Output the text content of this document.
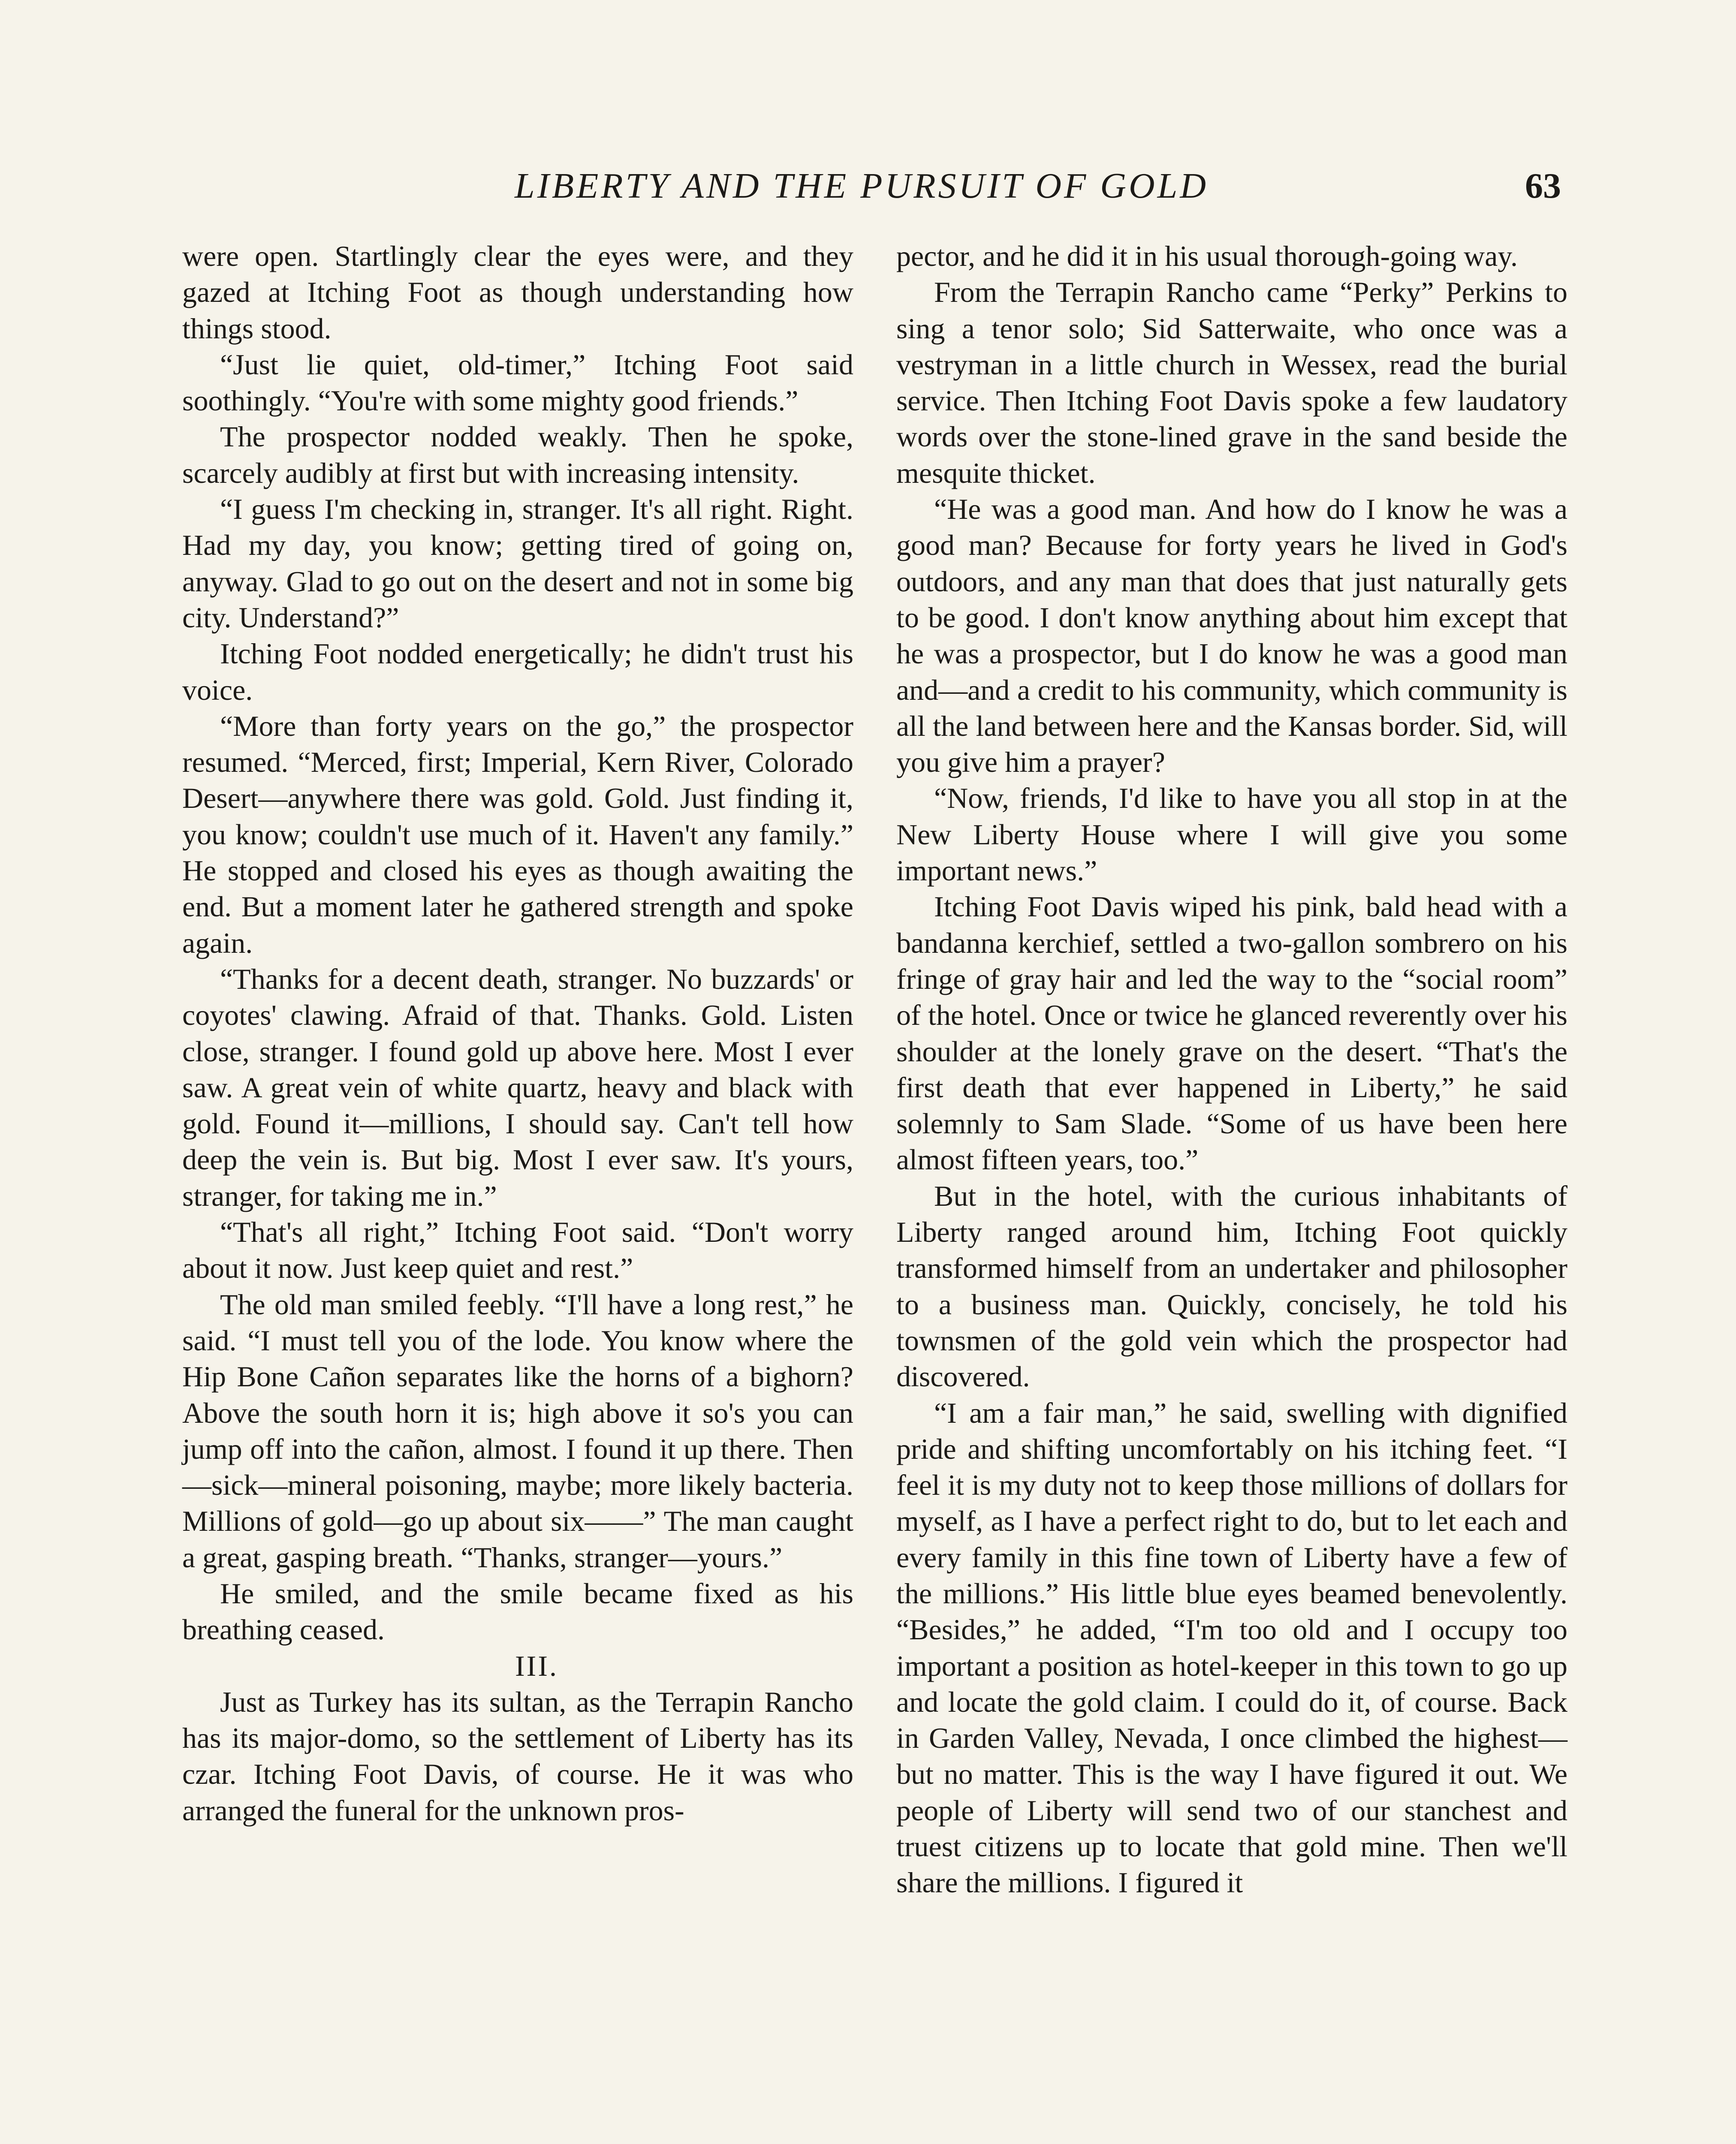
LIBERTY AND THE PURSUIT OF GOLD	63

were open. Startlingly clear the eyes were, and they gazed at Itching Foot as though understanding how things stood.

“Just lie quiet, old-timer,” Itching Foot said soothingly. “You're with some mighty good friends.”

The prospector nodded weakly. Then he spoke, scarcely audibly at first but with increasing intensity.

“I guess I'm checking in, stranger. It's all right. Right. Had my day, you know; getting tired of going on, anyway. Glad to go out on the desert and not in some big city. Understand?”

Itching Foot nodded energetically; he didn't trust his voice.

“More than forty years on the go,” the prospector resumed. “Merced, first; Imperial, Kern River, Colorado Desert—anywhere there was gold. Gold. Just finding it, you know; couldn't use much of it. Haven't any family.” He stopped and closed his eyes as though awaiting the end. But a moment later he gathered strength and spoke again.

“Thanks for a decent death, stranger. No buzzards' or coyotes' clawing. Afraid of that. Thanks. Gold. Listen close, stranger. I found gold up above here. Most I ever saw. A great vein of white quartz, heavy and black with gold. Found it—millions, I should say. Can't tell how deep the vein is. But big. Most I ever saw. It's yours, stranger, for taking me in.”

“That's all right,” Itching Foot said. “Don't worry about it now. Just keep quiet and rest.”

The old man smiled feebly. “I'll have a long rest,” he said. “I must tell you of the lode. You know where the Hip Bone Cañon separates like the horns of a bighorn? Above the south horn it is; high above it so's you can jump off into the cañon, almost. I found it up there. Then—sick—mineral poisoning, maybe; more likely bacteria. Millions of gold—go up about six——” The man caught a great, gasping breath. “Thanks, stranger—yours.”

He smiled, and the smile became fixed as his breathing ceased.

III.

Just as Turkey has its sultan, as the Terrapin Rancho has its major-domo, so the settlement of Liberty has its czar. Itching Foot Davis, of course. He it was who arranged the funeral for the unknown pros-

pector, and he did it in his usual thorough-going way.

From the Terrapin Rancho came “Perky” Perkins to sing a tenor solo; Sid Satterwaite, who once was a vestryman in a little church in Wessex, read the burial service. Then Itching Foot Davis spoke a few laudatory words over the stone-lined grave in the sand beside the mesquite thicket.

“He was a good man. And how do I know he was a good man? Because for forty years he lived in God's outdoors, and any man that does that just naturally gets to be good. I don't know anything about him except that he was a prospector, but I do know he was a good man and—and a credit to his community, which community is all the land between here and the Kansas border. Sid, will you give him a prayer?

“Now, friends, I'd like to have you all stop in at the New Liberty House where I will give you some important news.”

Itching Foot Davis wiped his pink, bald head with a bandanna kerchief, settled a two-gallon sombrero on his fringe of gray hair and led the way to the “social room” of the hotel. Once or twice he glanced reverently over his shoulder at the lonely grave on the desert. “That's the first death that ever happened in Liberty,” he said solemnly to Sam Slade. “Some of us have been here almost fifteen years, too.”

But in the hotel, with the curious inhabitants of Liberty ranged around him, Itching Foot quickly transformed himself from an undertaker and philosopher to a business man. Quickly, concisely, he told his townsmen of the gold vein which the prospector had discovered.

“I am a fair man,” he said, swelling with dignified pride and shifting uncomfortably on his itching feet. “I feel it is my duty not to keep those millions of dollars for myself, as I have a perfect right to do, but to let each and every family in this fine town of Liberty have a few of the millions.” His little blue eyes beamed benevolently. “Besides,” he added, “I'm too old and I occupy too important a position as hotel-keeper in this town to go up and locate the gold claim. I could do it, of course. Back in Garden Valley, Nevada, I once climbed the highest—but no matter. This is the way I have figured it out. We people of Liberty will send two of our stanchest and truest citizens up to locate that gold mine. Then we'll share the millions. I figured it
